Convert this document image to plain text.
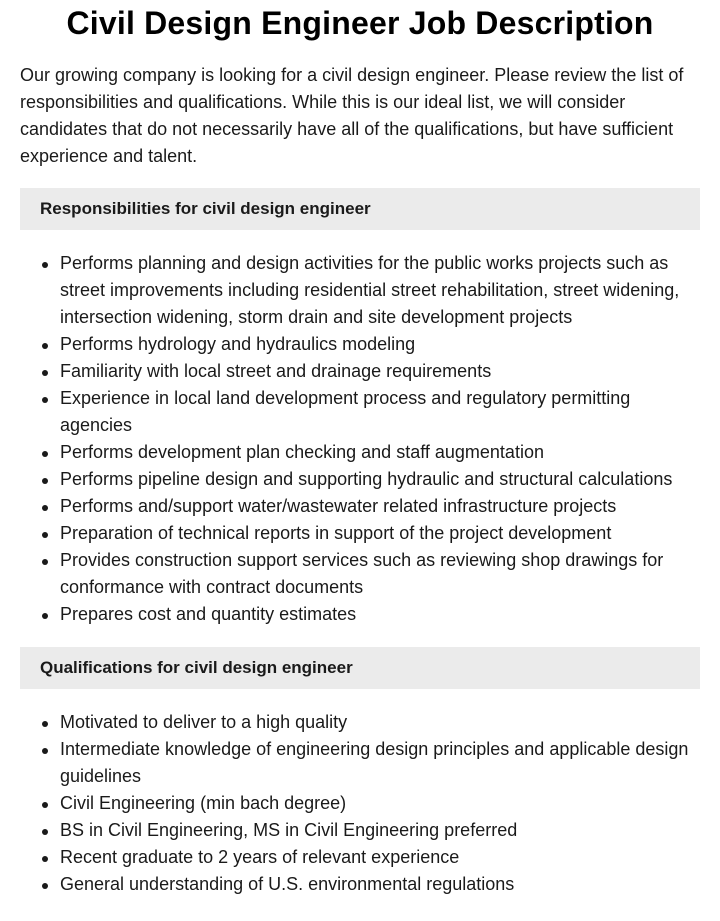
Civil Design Engineer Job Description

Our growing company is looking for a civil design engineer. Please review the list of responsibilities and qualifications. While this is our ideal list, we will consider candidates that do not necessarily have all of the qualifications, but have sufficient experience and talent.

Responsibilities for civil design engineer
Performs planning and design activities for the public works projects such as street improvements including residential street rehabilitation, street widening, intersection widening, storm drain and site development projects
Performs hydrology and hydraulics modeling
Familiarity with local street and drainage requirements
Experience in local land development process and regulatory permitting agencies
Performs development plan checking and staff augmentation
Performs pipeline design and supporting hydraulic and structural calculations
Performs and/support water/wastewater related infrastructure projects
Preparation of technical reports in support of the project development
Provides construction support services such as reviewing shop drawings for conformance with contract documents
Prepares cost and quantity estimates
Qualifications for civil design engineer
Motivated to deliver to a high quality
Intermediate knowledge of engineering design principles and applicable design guidelines
Civil Engineering (min bach degree)
BS in Civil Engineering, MS in Civil Engineering preferred
Recent graduate to 2 years of relevant experience
General understanding of U.S. environmental regulations
